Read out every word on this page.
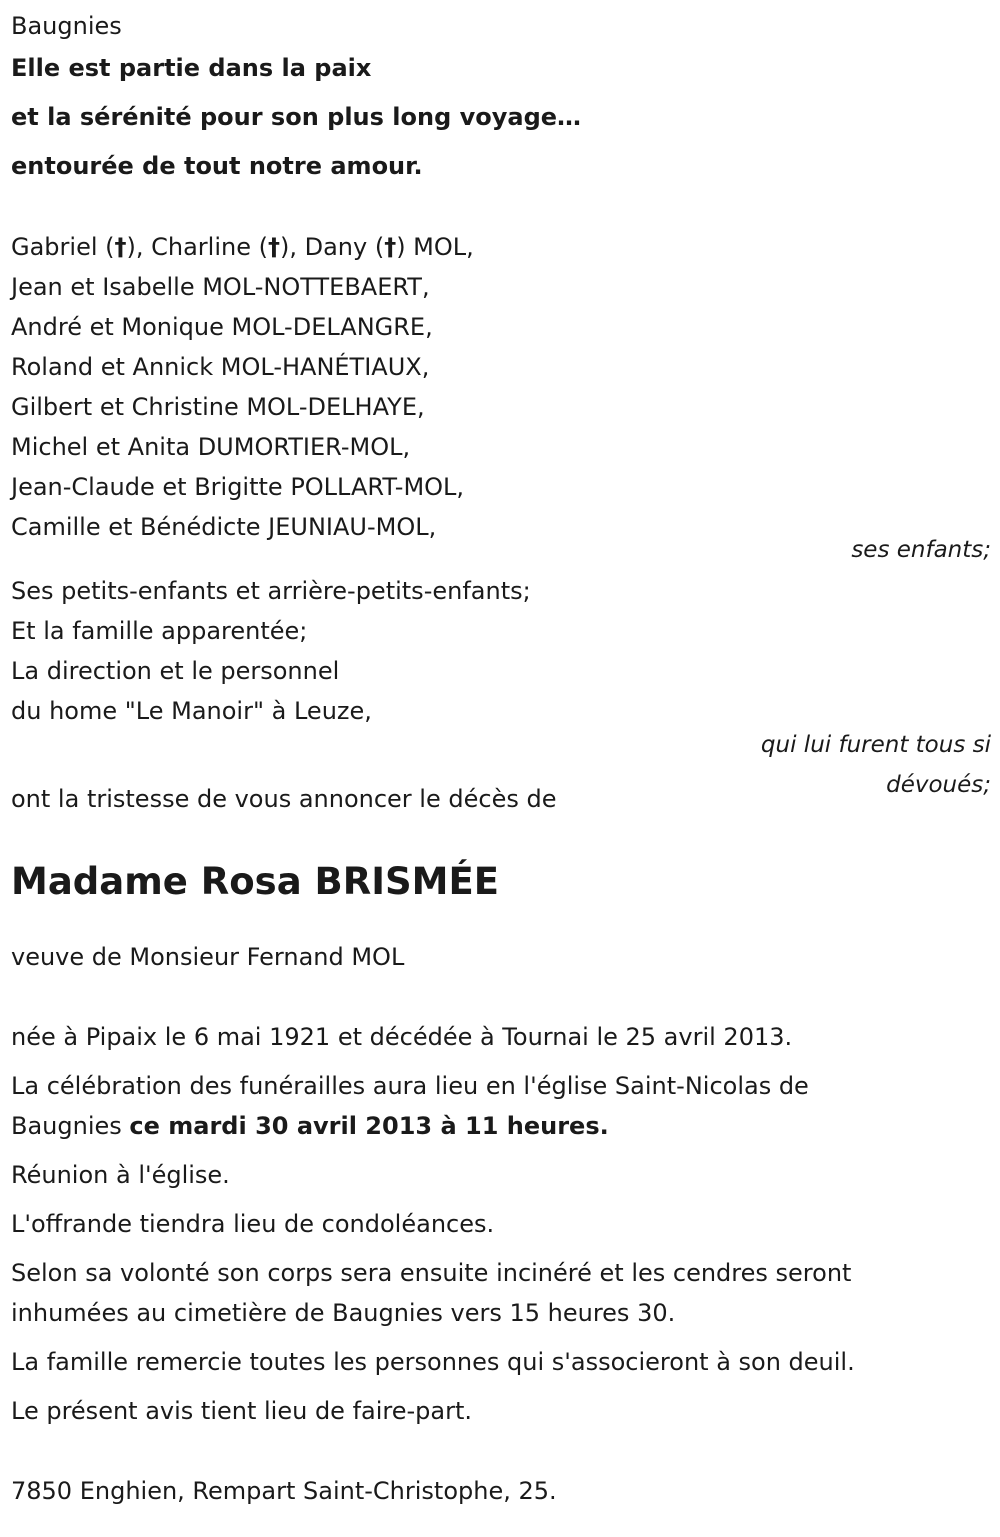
Baugnies
Elle est partie dans la paix
et la sérénité pour son plus long voyage…
entourée de tout notre amour.
Gabriel (†), Charline (†), Dany (†) MOL,
Jean et Isabelle MOL-NOTTEBAERT,
André et Monique MOL-DELANGRE,
Roland et Annick MOL-HANÉTIAUX,
Gilbert et Christine MOL-DELHAYE,
Michel et Anita DUMORTIER-MOL,
Jean-Claude et Brigitte POLLART-MOL,
Camille et Bénédicte JEUNIAU-MOL,
ses enfants;
Ses petits-enfants et arrière-petits-enfants;
Et la famille apparentée;
La direction et le personnel
du home "Le Manoir" à Leuze,
qui lui furent tous si
dévoués;
ont la tristesse de vous annoncer le décès de
Madame Rosa BRISMÉE
veuve de Monsieur Fernand MOL
née à Pipaix le 6 mai 1921 et décédée à Tournai le 25 avril 2013.
La célébration des funérailles aura lieu en l'église Saint-Nicolas de
Baugnies ce mardi 30 avril 2013 à 11 heures.
Réunion à l'église.
L'offrande tiendra lieu de condoléances.
Selon sa volonté son corps sera ensuite incinéré et les cendres seront
inhumées au cimetière de Baugnies vers 15 heures 30.
La famille remercie toutes les personnes qui s'associeront à son deuil.
Le présent avis tient lieu de faire-part.
7850 Enghien, Rempart Saint-Christophe, 25.
